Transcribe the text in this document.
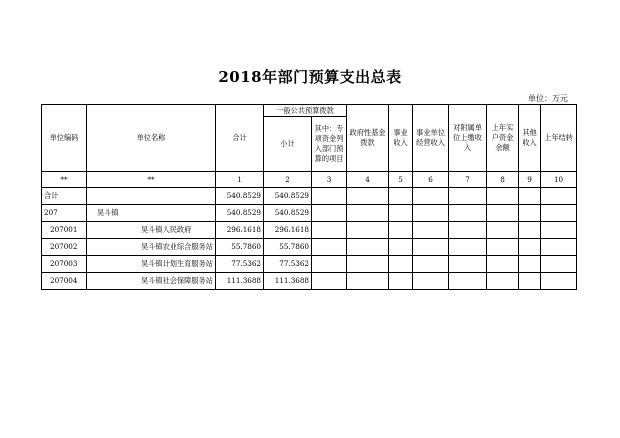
2018年部门预算支出总表
单位：万元
单位编码	单位名称	合计	一般公共预算拨款		政府性基金拨款	事业收入	事业单位经营收入	对附属单位上缴收入	上年实户资金余额	其他收入	上年结转
			小计	其中：专项资金列入部门预算的项目							
**	**	1	2	3	4	5	6	7	8	9	10
合计		540.8529	540.8529								
207	昊斗镇	540.8529	540.8529								
207001	昊斗镇人民政府	296.1618	296.1618								
207002	昊斗镇农业综合服务站	55.7860	55.7860								
207003	昊斗镇计划生育服务站	77.5362	77.5362								
207004	昊斗镇社会保障服务站	111.3688	111.3688								
